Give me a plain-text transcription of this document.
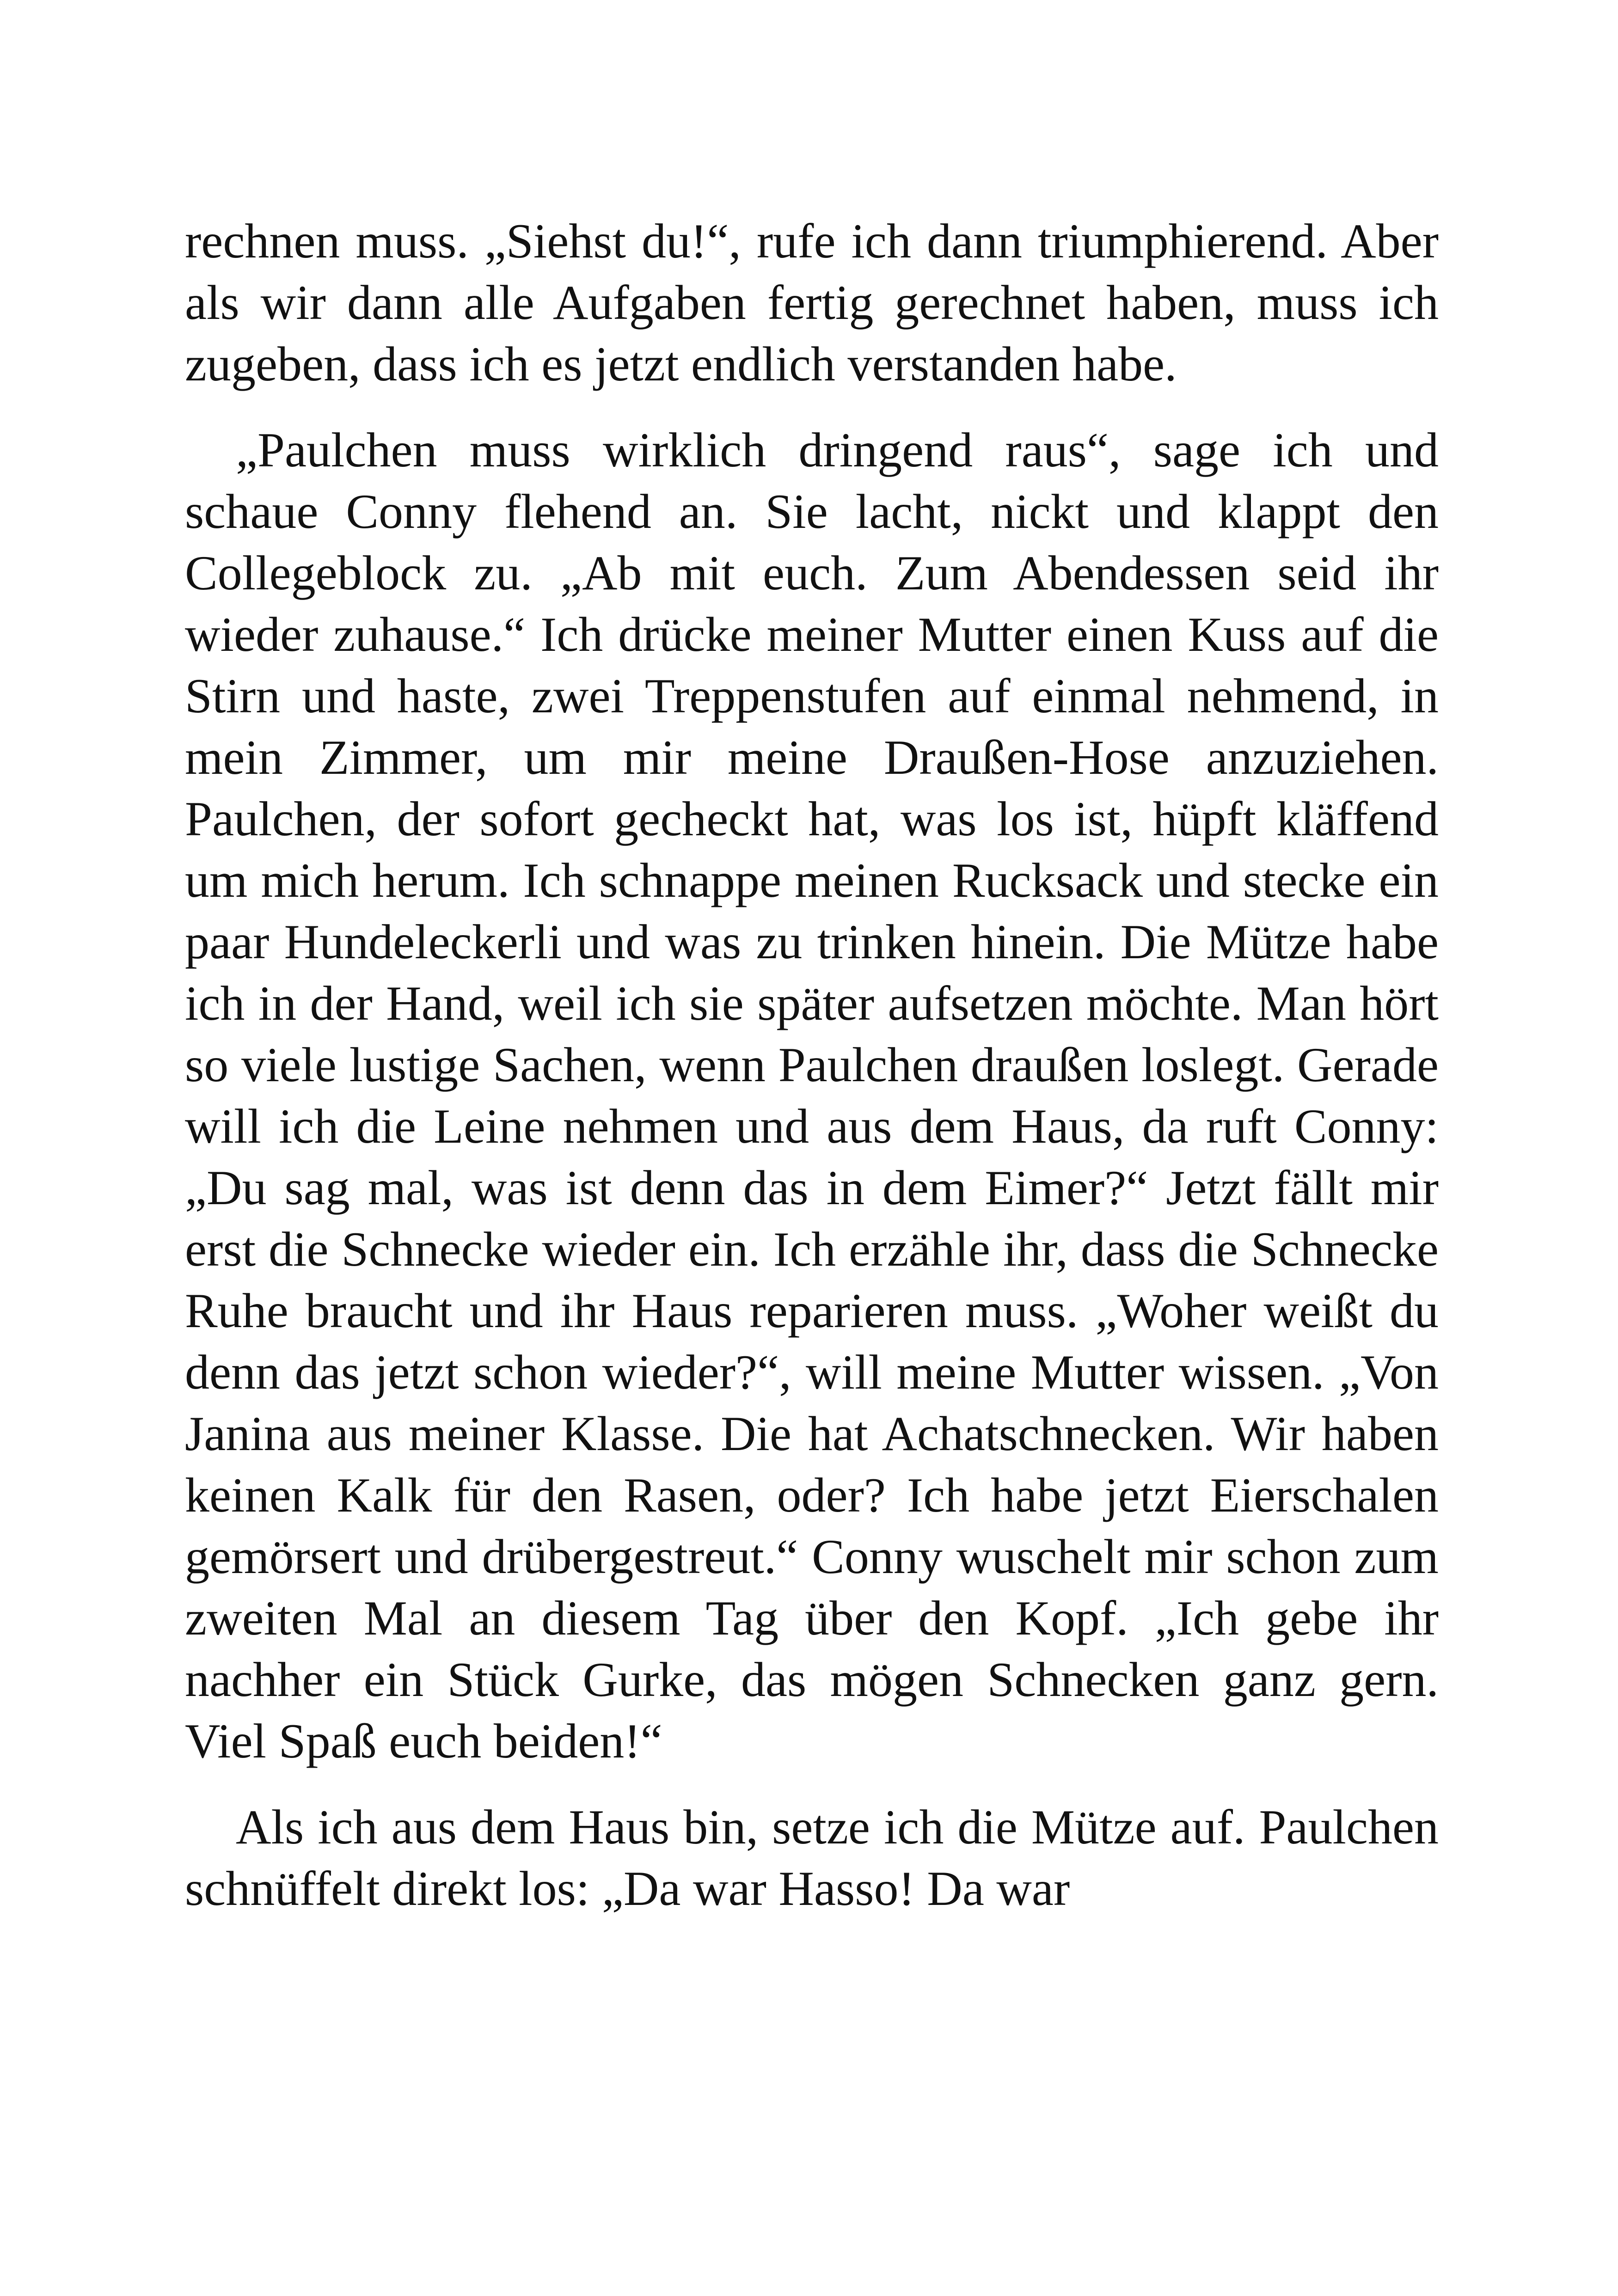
rechnen muss. „Siehst du!“, rufe ich dann triumphierend. Aber als wir dann alle Aufgaben fertig gerechnet haben, muss ich zugeben, dass ich es jetzt endlich verstanden habe.

„Paulchen muss wirklich dringend raus“, sage ich und schaue Conny flehend an. Sie lacht, nickt und klappt den Collegeblock zu. „Ab mit euch. Zum Abendessen seid ihr wieder zuhause.“ Ich drücke meiner Mutter einen Kuss auf die Stirn und haste, zwei Treppenstufen auf einmal nehmend, in mein Zimmer, um mir meine Draußen-Hose anzuziehen. Paulchen, der sofort gecheckt hat, was los ist, hüpft kläffend um mich herum. Ich schnappe meinen Rucksack und stecke ein paar Hundeleckerli und was zu trinken hinein. Die Mütze habe ich in der Hand, weil ich sie später aufsetzen möchte. Man hört so viele lustige Sachen, wenn Paulchen draußen loslegt. Gerade will ich die Leine nehmen und aus dem Haus, da ruft Conny: „Du sag mal, was ist denn das in dem Eimer?“ Jetzt fällt mir erst die Schnecke wieder ein. Ich erzähle ihr, dass die Schnecke Ruhe braucht und ihr Haus reparieren muss. „Woher weißt du denn das jetzt schon wieder?“, will meine Mutter wissen. „Von Janina aus meiner Klasse. Die hat Achatschnecken. Wir haben keinen Kalk für den Rasen, oder? Ich habe jetzt Eierschalen gemörsert und drübergestreut.“ Conny wuschelt mir schon zum zweiten Mal an diesem Tag über den Kopf. „Ich gebe ihr nachher ein Stück Gurke, das mögen Schnecken ganz gern. Viel Spaß euch beiden!“

Als ich aus dem Haus bin, setze ich die Mütze auf. Paulchen schnüffelt direkt los: „Da war Hasso! Da war
